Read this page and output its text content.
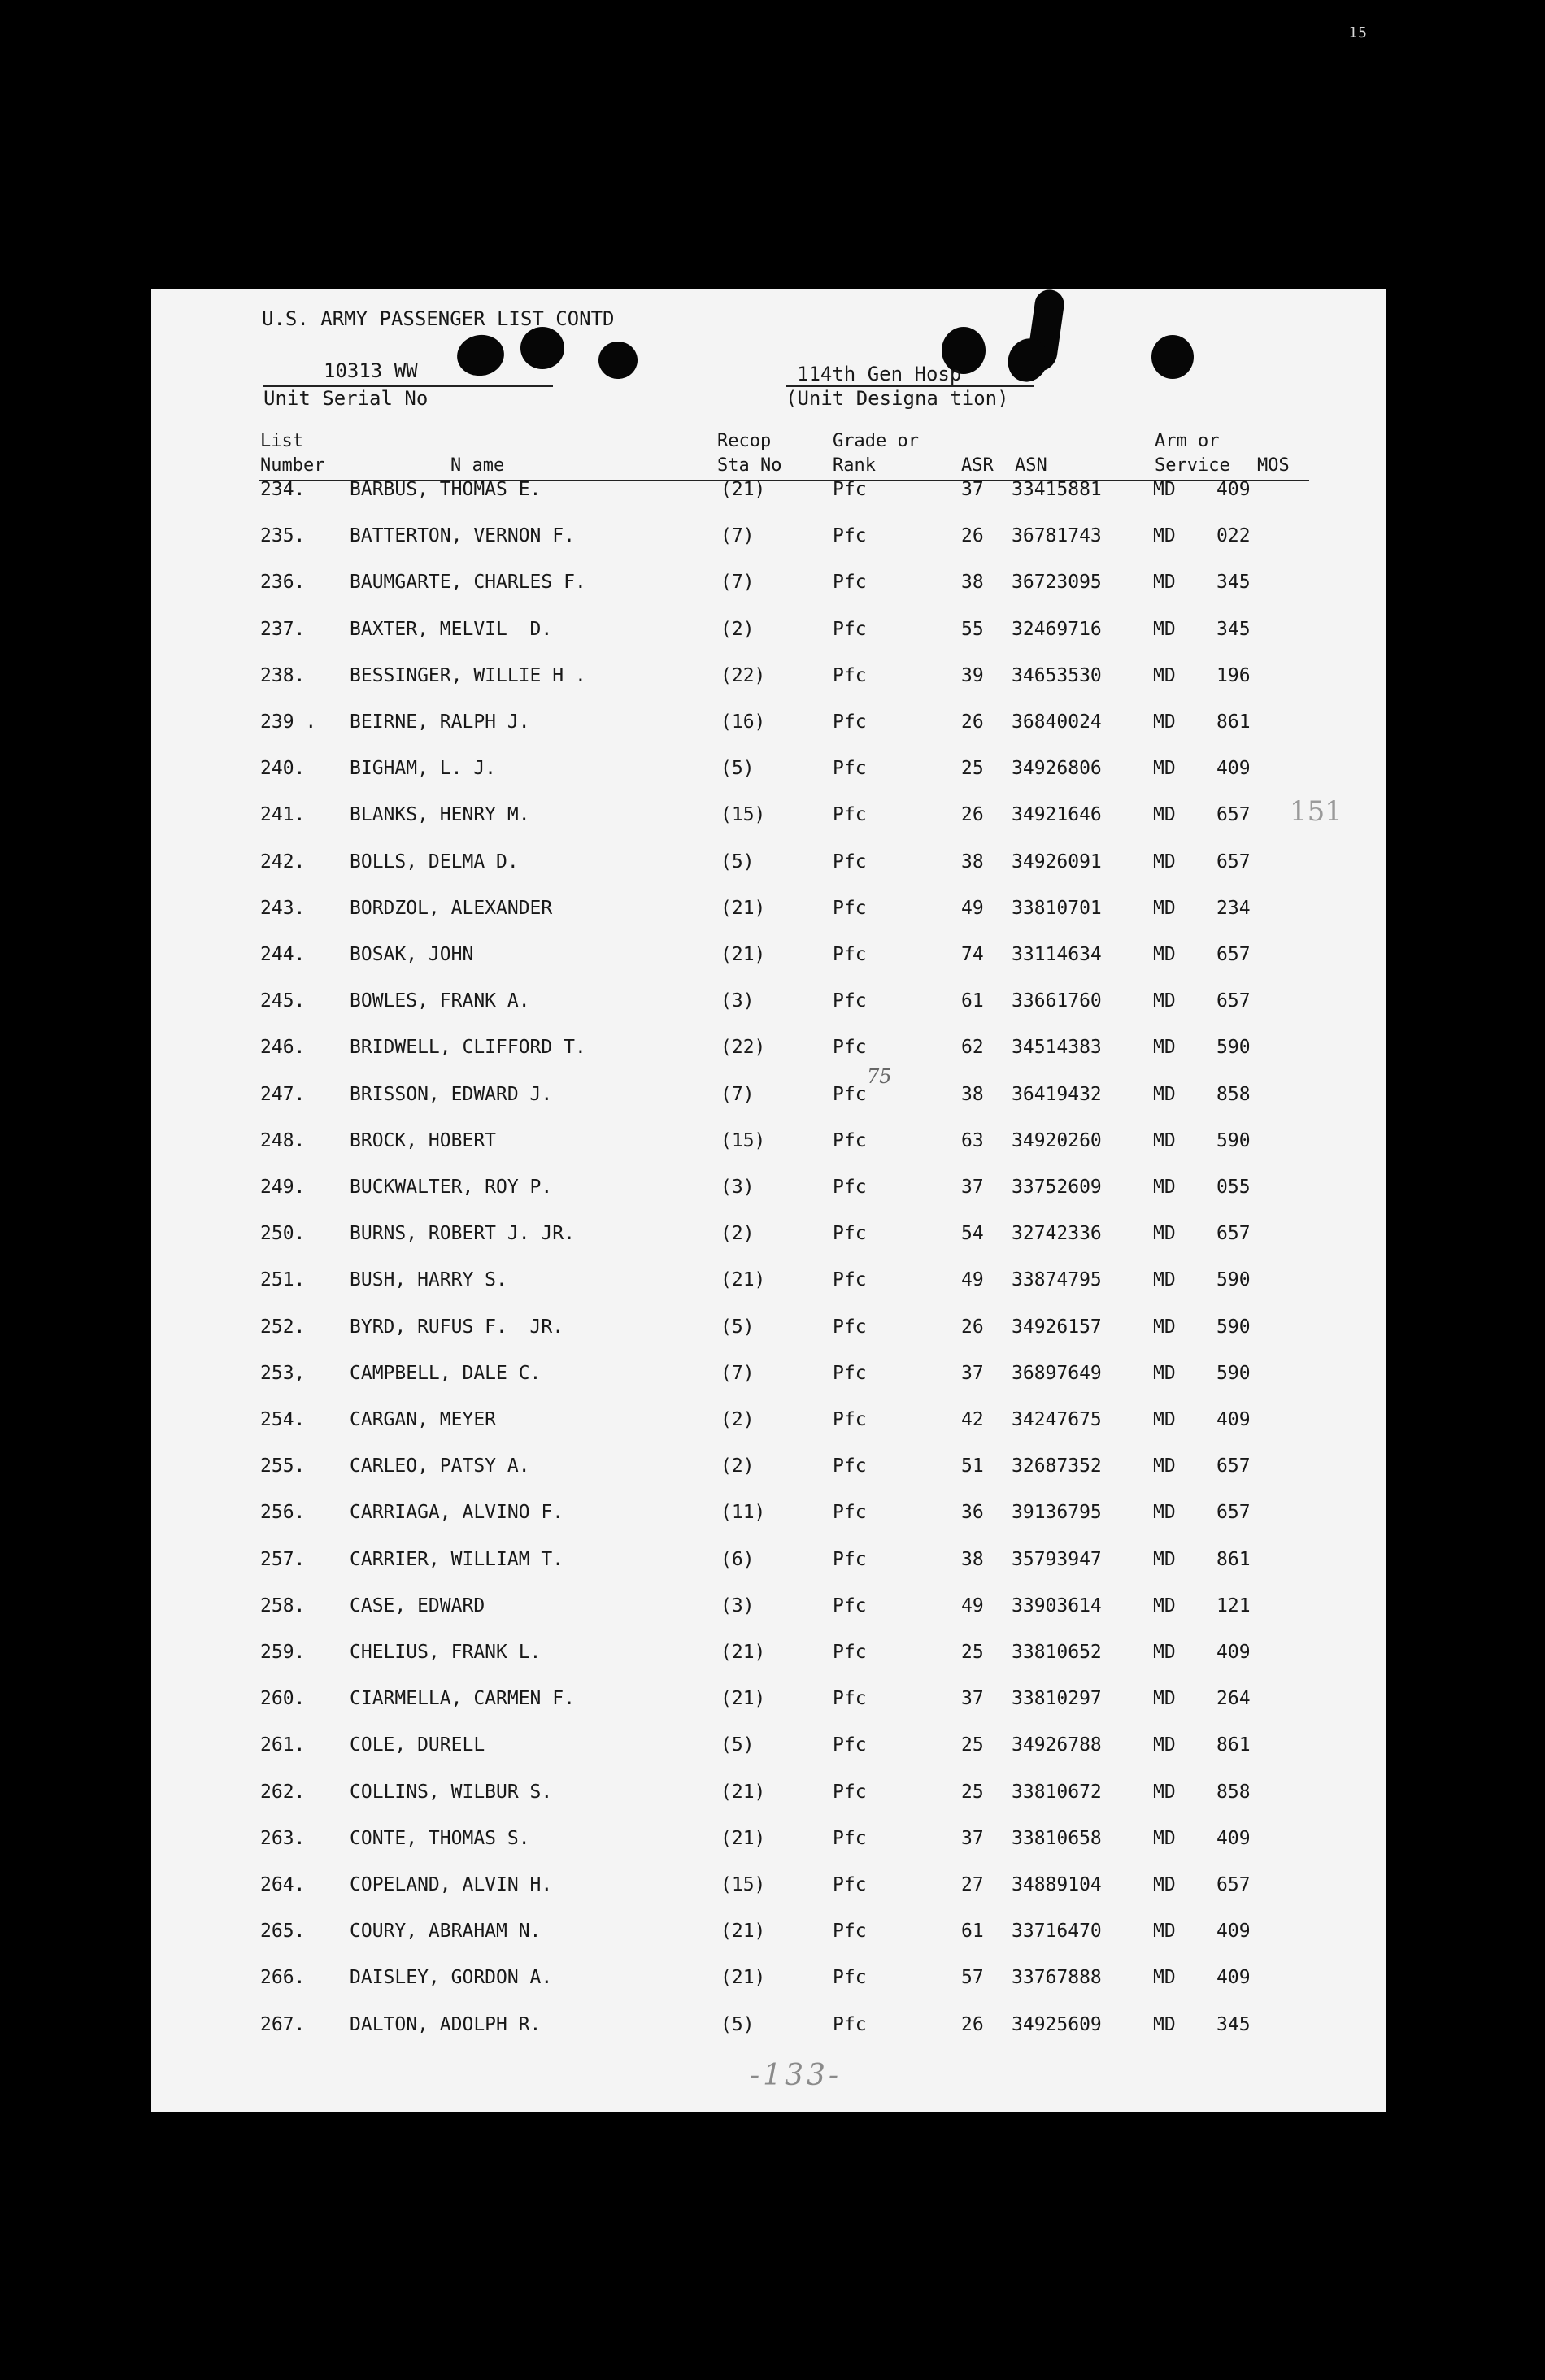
15
U.S. ARMY PASSENGER LIST CONTD
10313 WW
Unit Serial No
114th Gen Hosp
(Unit Designa tion)
List
Number	N ame
Recop
Sta No
Grade or
Rank	ASR ASN
Arm or
Service MOS
234. BARBUS, THOMAS E.	(21)	Pfc	37 33415881	MD 409
235. BATTERTON, VERNON F.	(7)	Pfc	26 36781743	MD 022
236. BAUMGARTE, CHARLES F.	(7)	Pfc	38 36723095	MD 345
237. BAXTER, MELVIL  D.	(2)	Pfc	55 32469716	MD 345
238. BESSINGER, WILLIE H .	(22)	Pfc	39 34653530	MD 196
239 . BEIRNE, RALPH J.	(16)	Pfc	26 36840024	MD 861
240. BIGHAM, L. J.	(5)	Pfc	25 34926806	MD 409
241. BLANKS, HENRY M.	(15)	Pfc	26 34921646	MD 657
242. BOLLS, DELMA D.	(5)	Pfc	38 34926091	MD 657
243. BORDZOL, ALEXANDER	(21)	Pfc	49 33810701	MD 234
244. BOSAK, JOHN	(21)	Pfc	74 33114634	MD 657
245. BOWLES, FRANK A.	(3)	Pfc	61 33661760	MD 657
246. BRIDWELL, CLIFFORD T.	(22)	Pfc	62 34514383	MD 590
247. BRISSON, EDWARD J.	(7)	Pfc	38 36419432	MD 858
248. BROCK, HOBERT	(15)	Pfc	63 34920260	MD 590
249. BUCKWALTER, ROY P.	(3)	Pfc	37 33752609	MD 055
250. BURNS, ROBERT J. JR.	(2)	Pfc	54 32742336	MD 657
251. BUSH, HARRY S.	(21)	Pfc	49 33874795	MD 590
252. BYRD, RUFUS F.  JR.	(5)	Pfc	26 34926157	MD 590
253, CAMPBELL, DALE C.	(7)	Pfc	37 36897649	MD 590
254. CARGAN, MEYER	(2)	Pfc	42 34247675	MD 409
255. CARLEO, PATSY A.	(2)	Pfc	51 32687352	MD 657
256. CARRIAGA, ALVINO F.	(11)	Pfc	36 39136795	MD 657
257. CARRIER, WILLIAM T.	(6)	Pfc	38 35793947	MD 861
258. CASE, EDWARD	(3)	Pfc	49 33903614	MD 121
259. CHELIUS, FRANK L.	(21)	Pfc	25 33810652	MD 409
260. CIARMELLA, CARMEN F.	(21)	Pfc	37 33810297	MD 264
261. COLE, DURELL	(5)	Pfc	25 34926788	MD 861
262. COLLINS, WILBUR S.	(21)	Pfc	25 33810672	MD 858
263. CONTE, THOMAS S.	(21)	Pfc	37 33810658	MD 409
264. COPELAND, ALVIN H.	(15)	Pfc	27 34889104	MD 657
265. COURY, ABRAHAM N.	(21)	Pfc	61 33716470	MD 409
266. DAISLEY, GORDON A.	(21)	Pfc	57 33767888	MD 409
267. DALTON, ADOLPH R.	(5)	Pfc	26 34925609	MD 345
75
151
-133-
